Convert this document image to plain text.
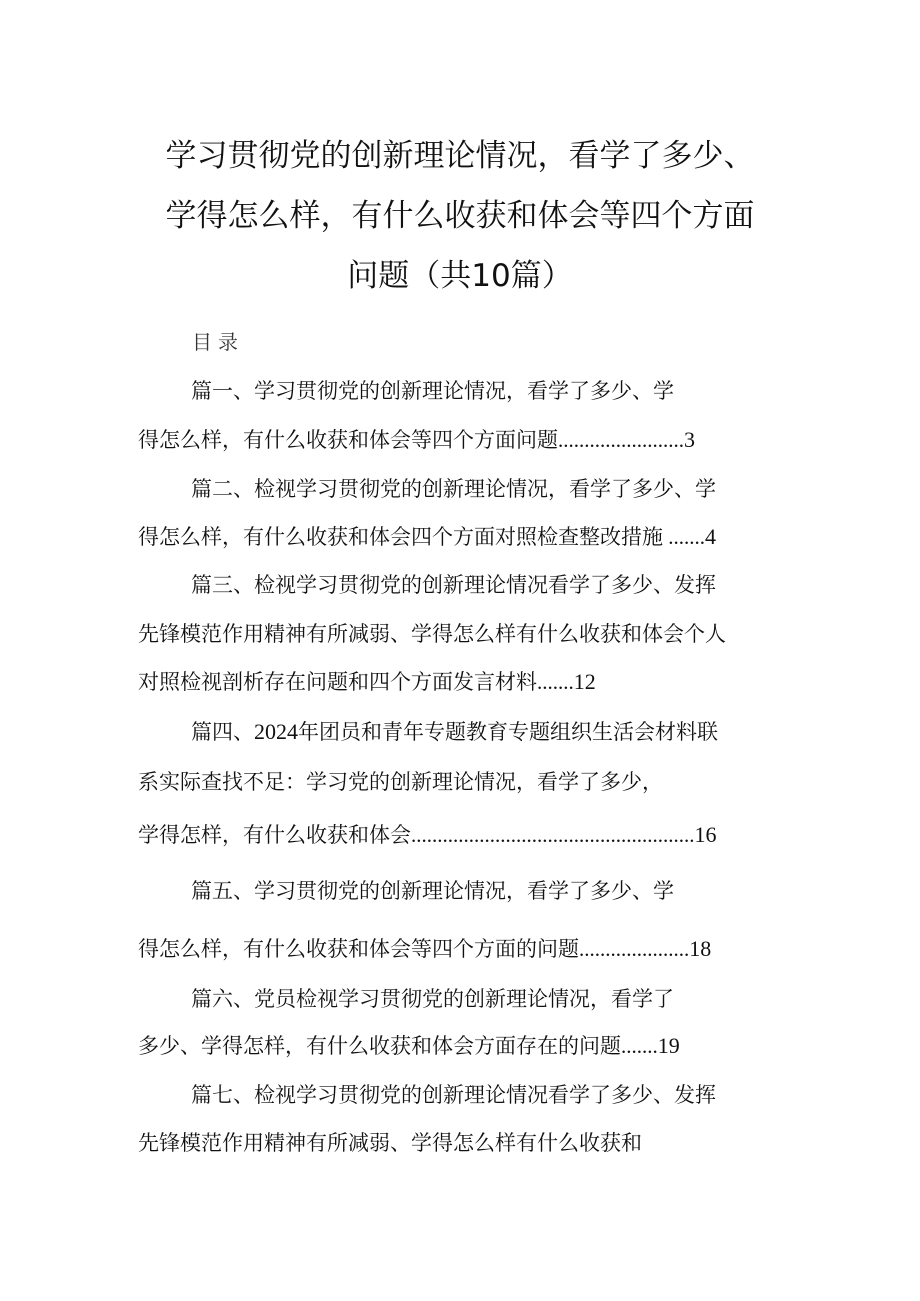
学习贯彻党的创新理论情况，看学了多少、
学得怎么样，有什么收获和体会等四个方面
问题（共10篇）
目录
篇一、学习贯彻党的创新理论情况，看学了多少、学
得怎么样，有什么收获和体会等四个方面问题........................3
篇二、检视学习贯彻党的创新理论情况，看学了多少、学
得怎么样，有什么收获和体会四个方面对照检查整改措施 .......4
篇三、检视学习贯彻党的创新理论情况看学了多少、发挥
先锋模范作用精神有所减弱、学得怎么样有什么收获和体会个人
对照检视剖析存在问题和四个方面发言材料.......12
篇四、2024年团员和青年专题教育专题组织生活会材料联
系实际查找不足：学习党的创新理论情况，看学了多少，
学得怎样，有什么收获和体会......................................................16
篇五、学习贯彻党的创新理论情况，看学了多少、学
得怎么样，有什么收获和体会等四个方面的问题.....................18
篇六、党员检视学习贯彻党的创新理论情况，看学了
多少、学得怎样，有什么收获和体会方面存在的问题.......19
篇七、检视学习贯彻党的创新理论情况看学了多少、发挥
先锋模范作用精神有所减弱、学得怎么样有什么收获和
